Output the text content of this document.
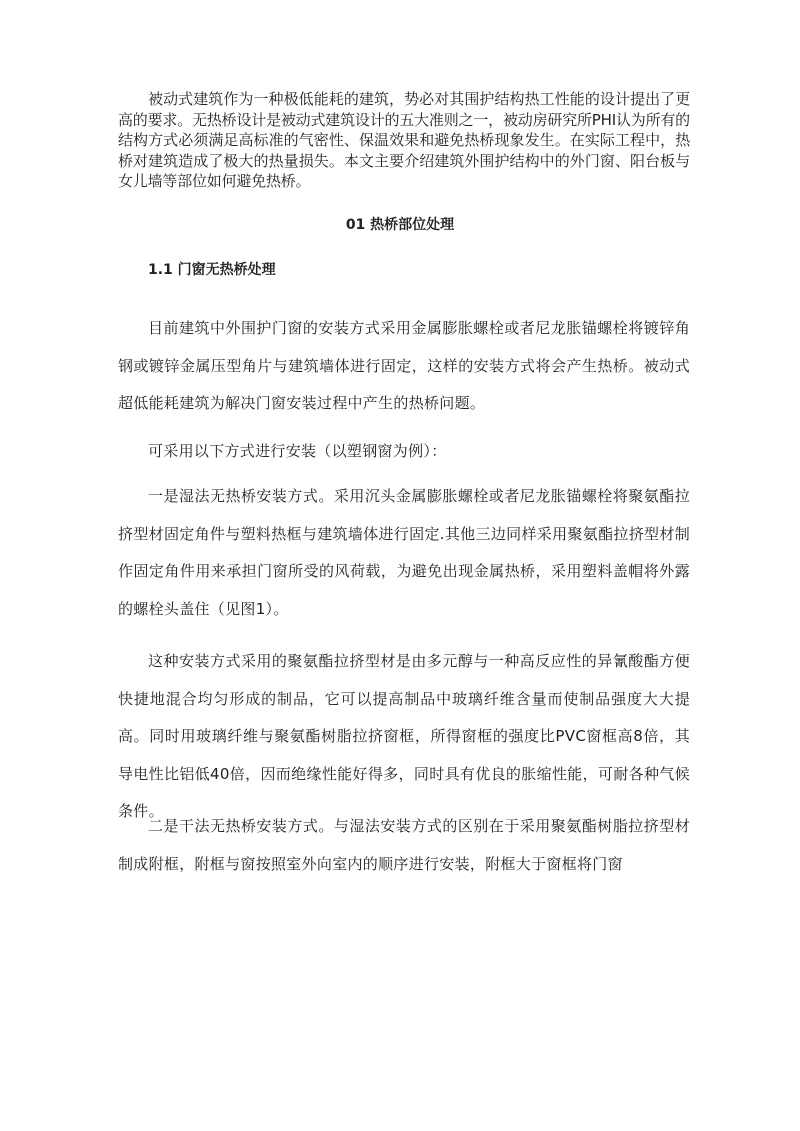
被动式建筑作为一种极低能耗的建筑，势必对其围护结构热工性能的设计提出了更高的要求。无热桥设计是被动式建筑设计的五大准则之一，被动房研究所PHI认为所有的结构方式必须满足高标准的气密性、保温效果和避免热桥现象发生。在实际工程中，热桥对建筑造成了极大的热量损失。本文主要介绍建筑外围护结构中的外门窗、阳台板与女儿墙等部位如何避免热桥。

01 热桥部位处理
1.1 门窗无热桥处理

目前建筑中外围护门窗的安装方式采用金属膨胀螺栓或者尼龙胀锚螺栓将镀锌角钢或镀锌金属压型角片与建筑墙体进行固定，这样的安装方式将会产生热桥。被动式超低能耗建筑为解决门窗安装过程中产生的热桥问题。

可采用以下方式进行安装（以塑钢窗为例）：

一是湿法无热桥安装方式。采用沉头金属膨胀螺栓或者尼龙胀锚螺栓将聚氨酯拉挤型材固定角件与塑料热框与建筑墙体进行固定.其他三边同样采用聚氨酯拉挤型材制作固定角件用来承担门窗所受的风荷载，为避免出现金属热桥，采用塑料盖帽将外露的螺栓头盖住（见图1）。

这种安装方式采用的聚氨酯拉挤型材是由多元醇与一种高反应性的异氰酸酯方便快捷地混合均匀形成的制品，它可以提高制品中玻璃纤维含量而使制品强度大大提高。同时用玻璃纤维与聚氨酯树脂拉挤窗框，所得窗框的强度比PVC窗框高8倍，其导电性比铝低40倍，因而绝缘性能好得多，同时具有优良的胀缩性能，可耐各种气候条件。

二是干法无热桥安装方式。与湿法安装方式的区别在于采用聚氨酯树脂拉挤型材制成附框，附框与窗按照室外向室内的顺序进行安装，附框大于窗框将门窗
